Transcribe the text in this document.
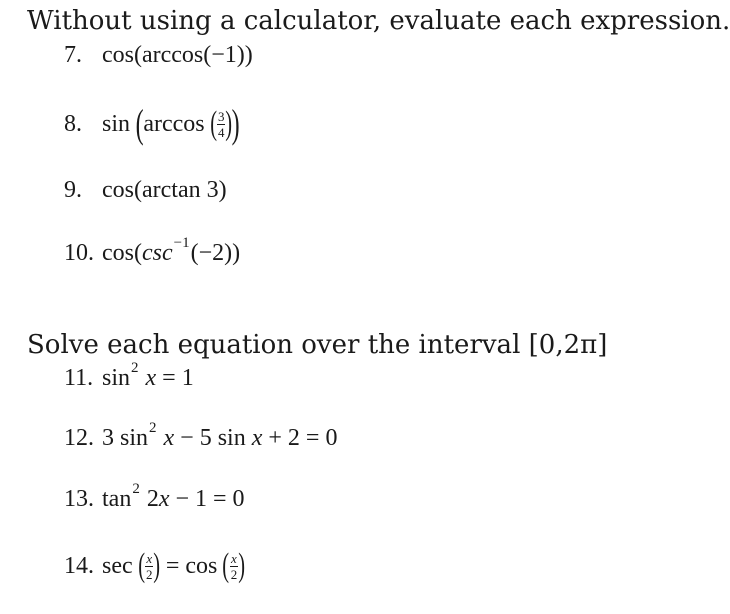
Without using a calculator, evaluate each expression.
7. cos(arccos(−1))
8. sin ( arccos ( $\frac{3}{4}$ )
)
9. cos(arctan 3)
10. cos( $\csc^{-1} (-2)$)
Solve each equation over the interval [0,2π]
11. $\sin^2 x = 1$
12. 3 $\sin^2 x - 5$ sin x + 2 = 0
13. $\tan^2 2$ x − 1 = 0
14. sec ( $\frac{x}{2}$ ) = cos ( $\frac{x}{2}$ )
